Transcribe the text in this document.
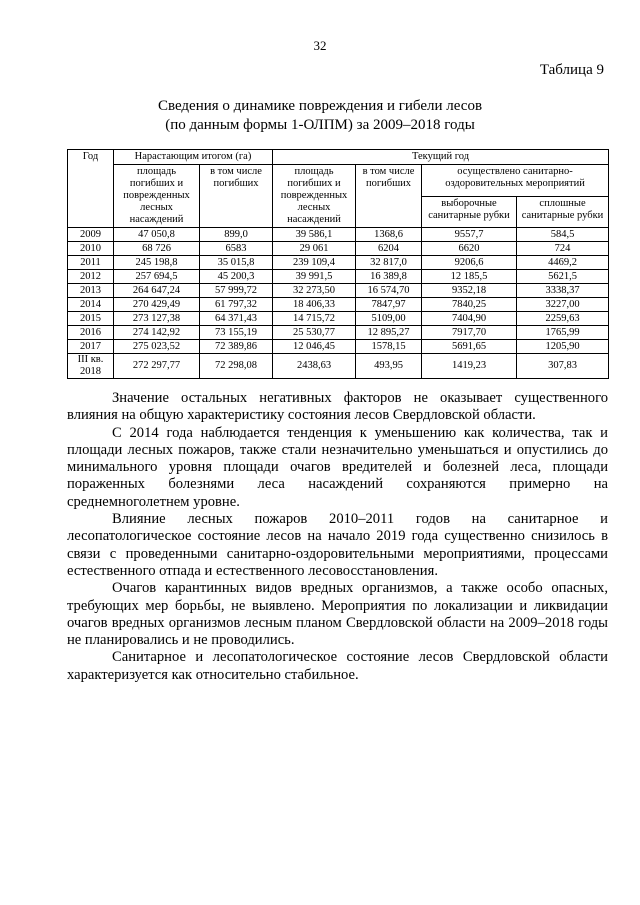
32
Таблица 9
Сведения о динамике повреждения и гибели лесов
(по данным формы 1-ОЛПМ) за 2009–2018 годы
Год	Нарастающим итогом (га)		Текущий год			
	площадь погибших и поврежденных лесных насаждений	в том числе погибших	площадь погибших и поврежденных лесных насаждений	в том числе погибших	осуществлено санитарно-оздоровительных мероприятий	
					выборочные санитарные рубки	сплошные санитарные рубки
2009	47 050,8	899,0	39 586,1	1368,6	9557,7	584,5
2010	68 726	6583	29 061	6204	6620	724
2011	245 198,8	35 015,8	239 109,4	32 817,0	9206,6	4469,2
2012	257 694,5	45 200,3	39 991,5	16 389,8	12 185,5	5621,5
2013	264 647,24	57 999,72	32 273,50	16 574,70	9352,18	3338,37
2014	270 429,49	61 797,32	18 406,33	7847,97	7840,25	3227,00
2015	273 127,38	64 371,43	14 715,72	5109,00	7404,90	2259,63
2016	274 142,92	73 155,19	25 530,77	12 895,27	7917,70	1765,99
2017	275 023,52	72 389,86	12 046,45	1578,15	5691,65	1205,90
III кв. 2018	272 297,77	72 298,08	2438,63	493,95	1419,23	307,83

Значение остальных негативных факторов не оказывает существенного влияния на общую характеристику состояния лесов Свердловской области.

С 2014 года наблюдается тенденция к уменьшению как количества, так и площади лесных пожаров, также стали незначительно уменьшаться и опустились до минимального уровня площади очагов вредителей и болезней леса, площади пораженных болезнями леса насаждений сохраняются примерно на среднемноголетнем уровне.

Влияние лесных пожаров 2010–2011 годов на санитарное и лесопатологическое состояние лесов на начало 2019 года существенно снизилось в связи с проведенными санитарно-оздоровительными мероприятиями, процессами естественного отпада и естественного лесовосстановления.

Очагов карантинных видов вредных организмов, а также особо опасных, требующих мер борьбы, не выявлено. Мероприятия по локализации и ликвидации очагов вредных организмов лесным планом Свердловской области на 2009–2018 годы не планировались и не проводились.

Санитарное и лесопатологическое состояние лесов Свердловской области характеризуется как относительно стабильное.
